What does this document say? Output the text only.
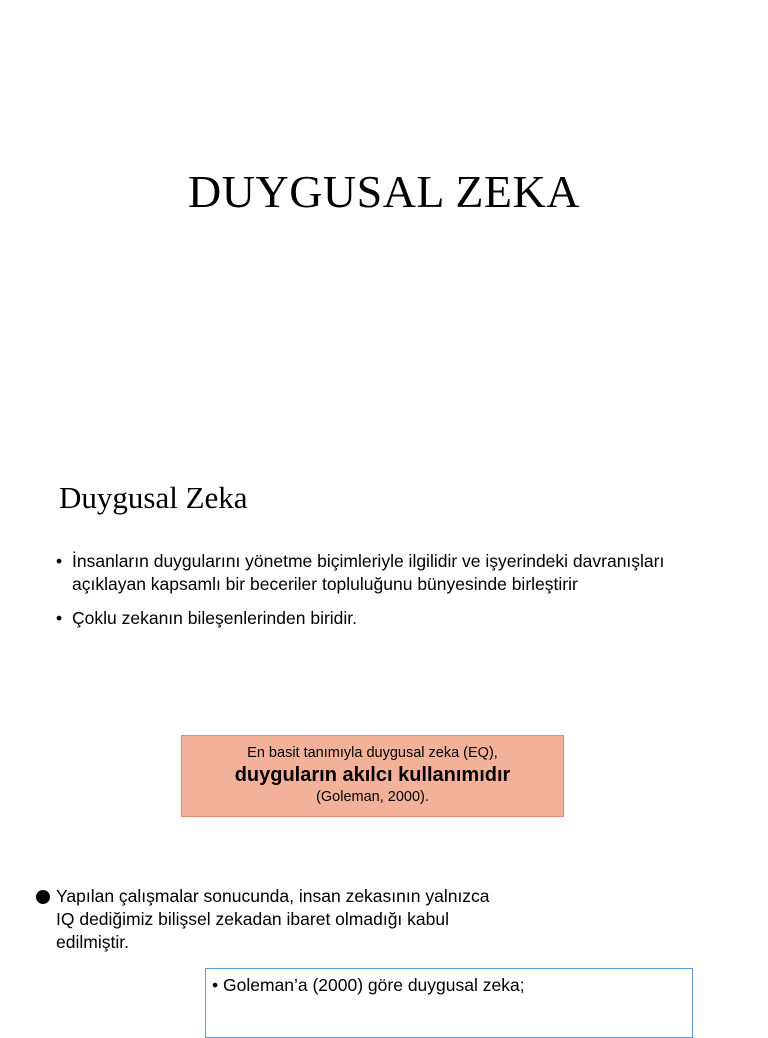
DUYGUSAL ZEKA
Duygusal Zeka
• İnsanların duygularını yönetme biçimleriyle ilgilidir ve işyerindeki davranışları açıklayan kapsamlı bir beceriler topluluğunu bünyesinde birleştirir
• Çoklu zekanın bileşenlerinden biridir.
En basit tanımıyla duygusal zeka (EQ),
duyguların akılcı kullanımıdır
(Goleman, 2000).
Yapılan çalışmalar sonucunda, insan zekasının yalnızca IQ dediğimiz bilişsel zekadan ibaret olmadığı kabul edilmiştir.
• Goleman’a (2000) göre duygusal zeka;
